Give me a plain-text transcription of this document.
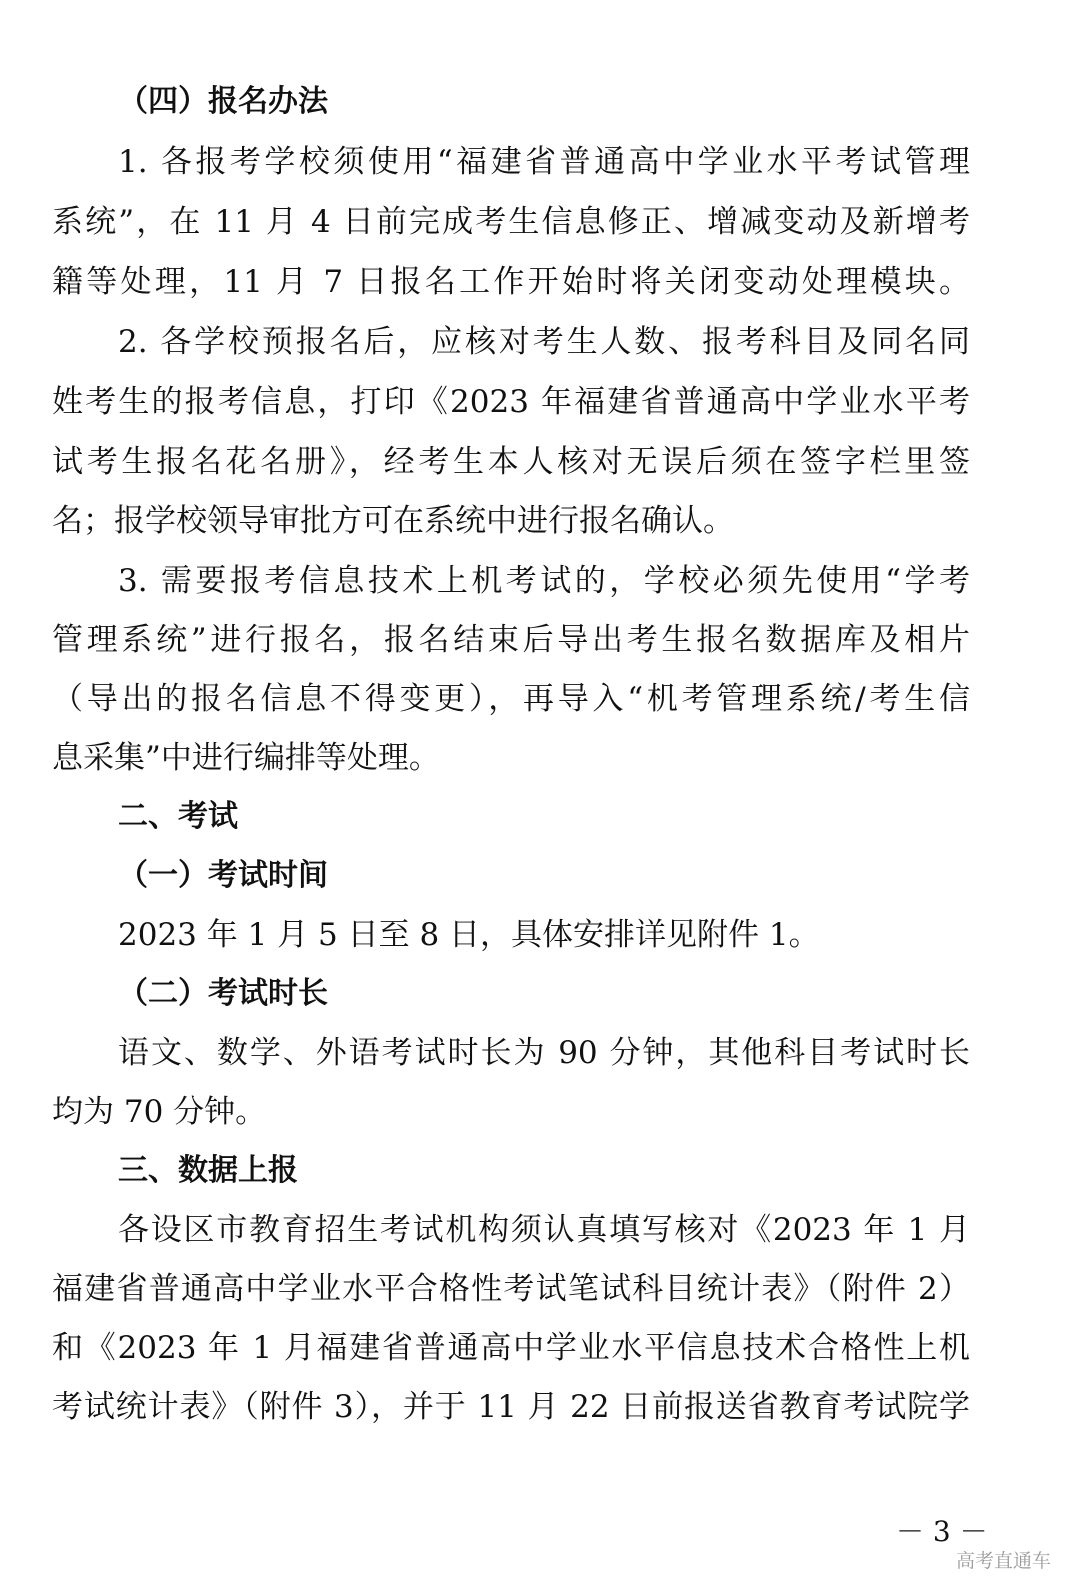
（四）报名办法
1. 各报考学校须使用“福建省普通高中学业水平考试管理
系统”，在 11 月 4 日前完成考生信息修正、增减变动及新增考
籍等处理，11 月 7 日报名工作开始时将关闭变动处理模块。
2. 各学校预报名后，应核对考生人数、报考科目及同名同
姓考生的报考信息，打印《2023 年福建省普通高中学业水平考
试考生报名花名册》，经考生本人核对无误后须在签字栏里签
名；报学校领导审批方可在系统中进行报名确认。
3. 需要报考信息技术上机考试的，学校必须先使用“学考
管理系统”进行报名，报名结束后导出考生报名数据库及相片
（导出的报名信息不得变更），再导入“机考管理系统/考生信
息采集”中进行编排等处理。
二、考试
（一）考试时间
2023 年 1 月 5 日至 8 日，具体安排详见附件 1。
（二）考试时长
语文、数学、外语考试时长为 90 分钟，其他科目考试时长
均为 70 分钟。
三、数据上报
各设区市教育招生考试机构须认真填写核对《2023 年 1 月
福建省普通高中学业水平合格性考试笔试科目统计表》（附件 2）
和《2023 年 1 月福建省普通高中学业水平信息技术合格性上机
考试统计表》（附件 3），并于 11 月 22 日前报送省教育考试院学
－ 3 －
高考直通车
